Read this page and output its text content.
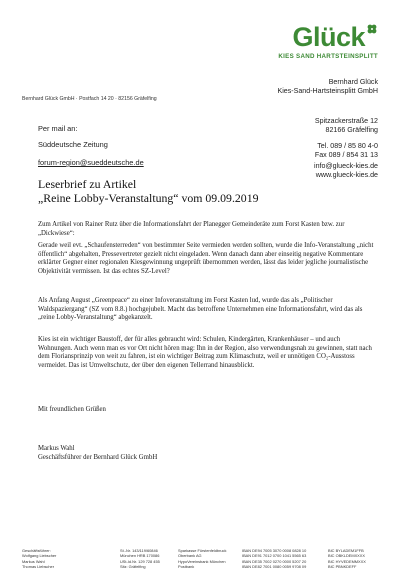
Glück
KIES SAND HARTSTEINSPLITT
Bernhard Glück
Kies-Sand-Hartsteinsplitt GmbH
Spitzackerstraße 12
82166 Gräfelfing
Tel. 089 / 85 80 4-0
Fax 089 / 854 31 13
info@glueck-kies.de
www.glueck-kies.de
Bernhard Glück GmbH · Postfach 14 20 · 82156 Gräfelfing
Per mail an:
Süddeutsche Zeitung
forum-region@sueddeutsche.de
Leserbrief zu Artikel
„Reine Lobby-Veranstaltung“ vom 09.09.2019
Zum Artikel von Rainer Rutz über die Informationsfahrt der Planegger Gemeinderäte zum Forst Kasten bzw. zur „Dickwiese“:
Gerade weil evt. „Schaufensterreden“ von bestimmter Seite vermieden werden sollten, wurde die Info-Veranstaltung „nicht öffentlich“ abgehalten, Pressevertreter gezielt nicht eingeladen. Wenn danach dann aber einseitig negative Kommentare erklärter Gegner einer regionalen Kiesgewinnung ungeprüft übernommen werden, lässt das leider jegliche journalistische Objektivität vermissen. Ist das echtes SZ-Level?
Als Anfang August „Greenpeace“ zu einer Infoveranstaltung im Forst Kasten lud, wurde das als „Politischer Waldspaziergang“ (SZ vom 8.8.) hochgejubelt. Macht das betroffene Unternehmen eine Informationsfahrt, wird das als „reine Lobby-Veranstaltung“ abgekanzelt.
Kies ist ein wichtiger Baustoff, der für alles gebraucht wird: Schulen, Kindergärten, Krankenhäuser – und auch Wohnungen. Auch wenn man es vor Ort nicht hören mag: Ihn in der Region, also verwendungsnah zu gewinnen, statt nach dem Floriansprinzip von weit zu fahren, ist ein wichtiger Beitrag zum Klimaschutz, weil er unnötigen CO₂-Ausstoss vermeidet. Das ist Umweltschutz, der über den eigenen Tellerrand hinausblickt.
Mit freundlichen Grüßen
Markus Wahl
Geschäftsführer der Bernhard Glück GmbH
Geschäftsführer:
Wolfgang Liebscher
Markus Wahl
Thomas Liebscher
St.-Nr. 143/119/60846
München HRB 170086
USt-Id.Nr. 129 728 455
Sitz: Gräfelfing
Sparkasse Fürstenfeldbruck
Oberbank AG
HypoVereinsbank München
Postbank
IBAN DE94 7005 3070 0008 0828 10
IBAN DE91 7012 0700 1041 5565 63
IBAN DE35 7002 0270 0000 5207 20
IBAN DE82 7001 0080 0059 9708 09
BIC BYLADEM1FFB
BIC OBKLDEMXXXX
BIC HYVEDEMMXXX
BIC PBNKDEFF
